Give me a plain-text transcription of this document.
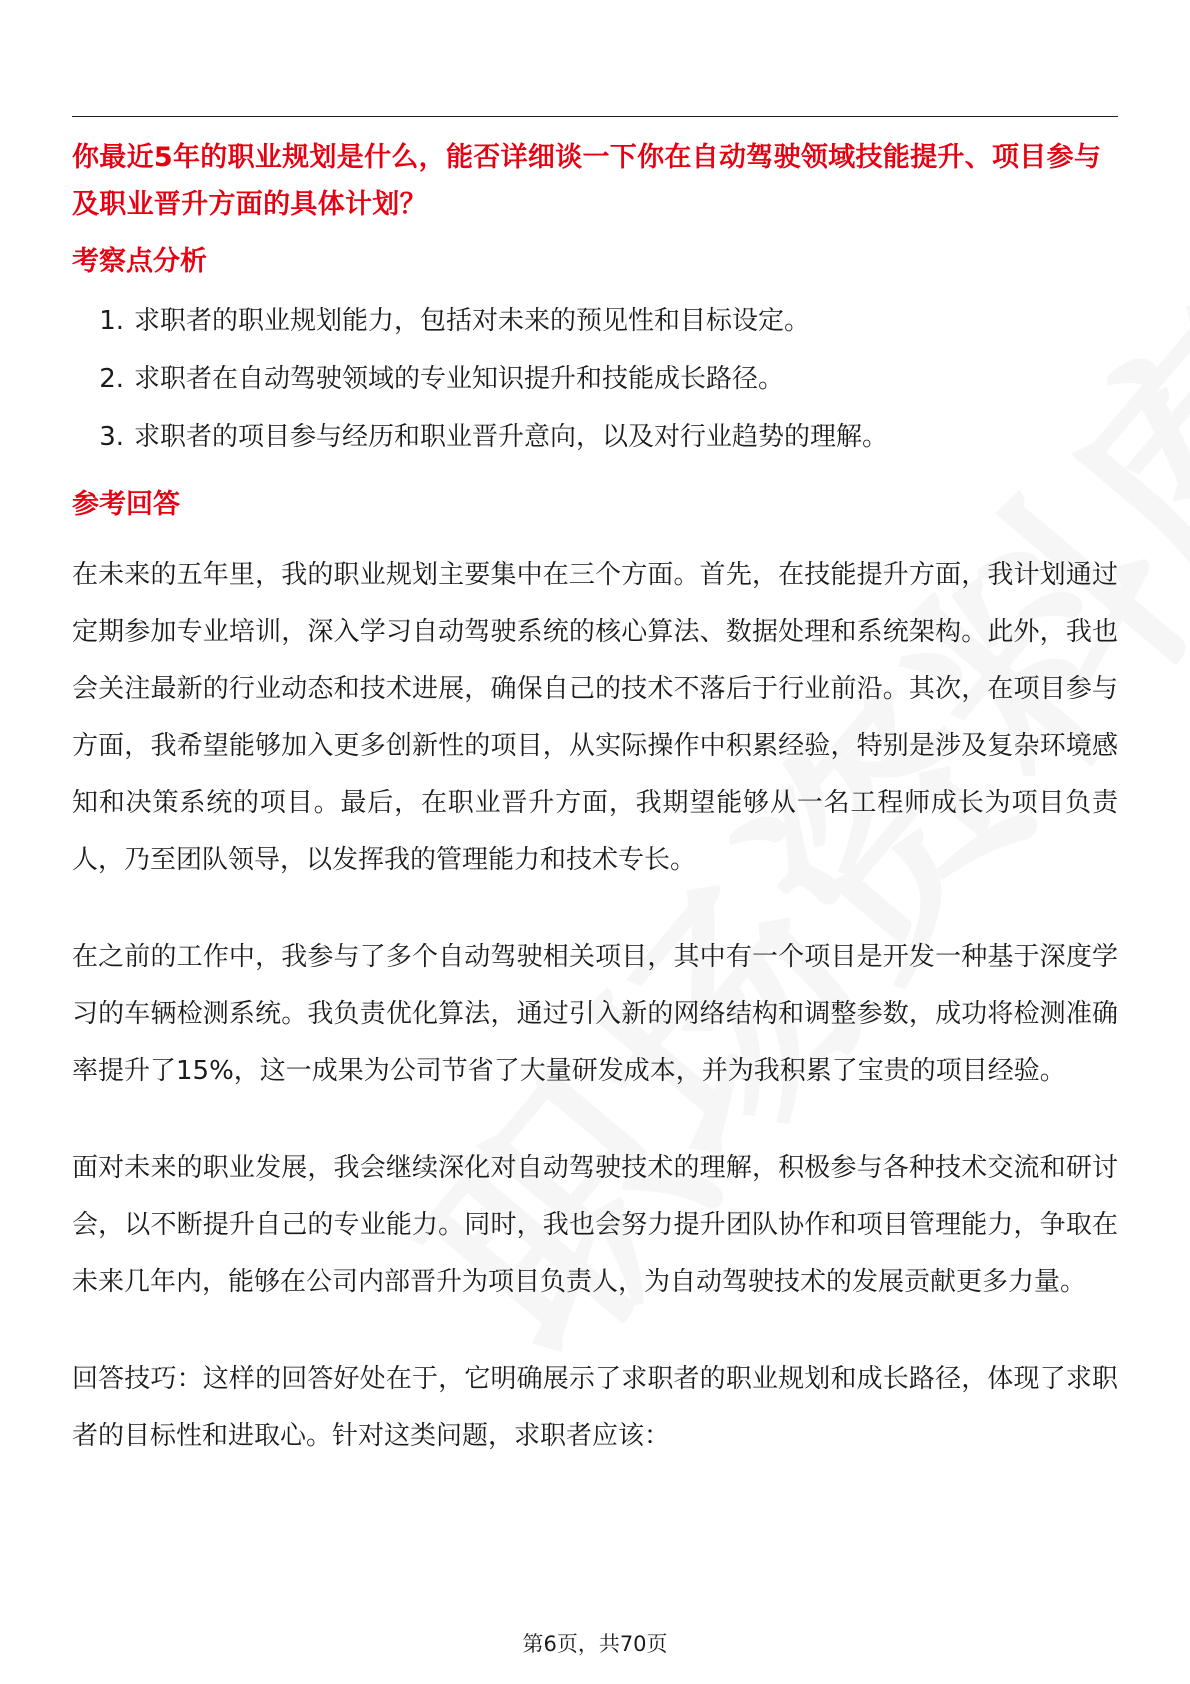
你最近5年的职业规划是什么，能否详细谈一下你在自动驾驶领域技能提升、项目参与及职业晋升方面的具体计划？

考察点分析
1. 求职者的职业规划能力，包括对未来的预见性和目标设定。
2. 求职者在自动驾驶领域的专业知识提升和技能成长路径。
3. 求职者的项目参与经历和职业晋升意向，以及对行业趋势的理解。
参考回答

在未来的五年里，我的职业规划主要集中在三个方面。首先，在技能提升方面，我计划通过定期参加专业培训，深入学习自动驾驶系统的核心算法、数据处理和系统架构。此外，我也会关注最新的行业动态和技术进展，确保自己的技术不落后于行业前沿。其次，在项目参与方面，我希望能够加入更多创新性的项目，从实际操作中积累经验，特别是涉及复杂环境感知和决策系统的项目。最后，在职业晋升方面，我期望能够从一名工程师成长为项目负责人，乃至团队领导，以发挥我的管理能力和技术专长。

在之前的工作中，我参与了多个自动驾驶相关项目，其中有一个项目是开发一种基于深度学习的车辆检测系统。我负责优化算法，通过引入新的网络结构和调整参数，成功将检测准确率提升了15%，这一成果为公司节省了大量研发成本，并为我积累了宝贵的项目经验。

面对未来的职业发展，我会继续深化对自动驾驶技术的理解，积极参与各种技术交流和研讨会，以不断提升自己的专业能力。同时，我也会努力提升团队协作和项目管理能力，争取在未来几年内，能够在公司内部晋升为项目负责人，为自动驾驶技术的发展贡献更多力量。

回答技巧：这样的回答好处在于，它明确展示了求职者的职业规划和成长路径，体现了求职者的目标性和进取心。针对这类问题，求职者应该：

第6页，共70页
